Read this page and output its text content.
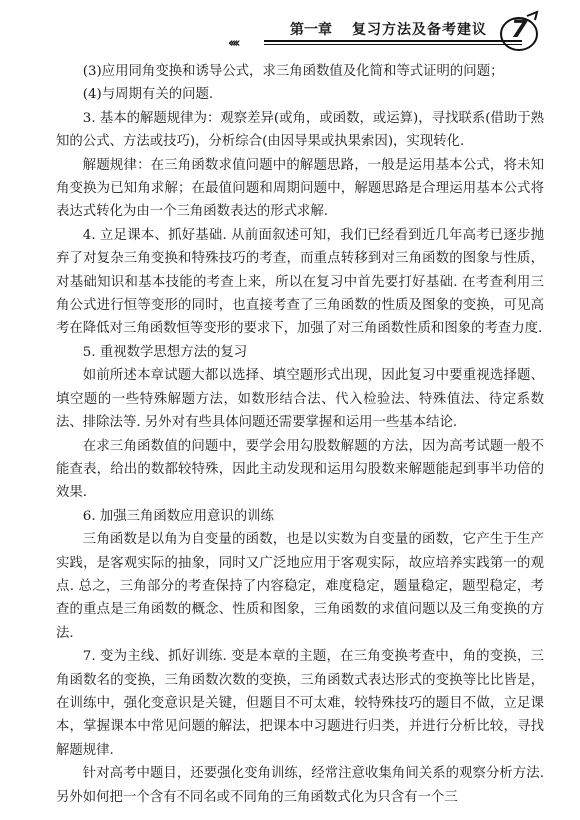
‹‹‹‹
第一章 复习方法及备考建议 7

(3)应用同角变换和诱导公式，求三角函数值及化简和等式证明的问题；

(4)与周期有关的问题.

3. 基本的解题规律为：观察差异(或角，或函数，或运算)，寻找联系(借助于熟知的公式、方法或技巧)，分析综合(由因导果或执果索因)，实现转化.

解题规律：在三角函数求值问题中的解题思路，一般是运用基本公式，将未知角变换为已知角求解；在最值问题和周期问题中，解题思路是合理运用基本公式将表达式转化为由一个三角函数表达的形式求解.

4. 立足课本、抓好基础. 从前面叙述可知，我们已经看到近几年高考已逐步抛弃了对复杂三角变换和特殊技巧的考查，而重点转移到对三角函数的图象与性质，对基础知识和基本技能的考查上来，所以在复习中首先要打好基础. 在考查利用三角公式进行恒等变形的同时，也直接考查了三角函数的性质及图象的变换，可见高考在降低对三角函数恒等变形的要求下，加强了对三角函数性质和图象的考查力度.

5. 重视数学思想方法的复习

如前所述本章试题大都以选择、填空题形式出现，因此复习中要重视选择题、填空题的一些特殊解题方法，如数形结合法、代入检验法、特殊值法、待定系数法、排除法等. 另外对有些具体问题还需要掌握和运用一些基本结论.

在求三角函数值的问题中，要学会用勾股数解题的方法，因为高考试题一般不能查表，给出的数都较特殊，因此主动发现和运用勾股数来解题能起到事半功倍的效果.

6. 加强三角函数应用意识的训练

三角函数是以角为自变量的函数，也是以实数为自变量的函数，它产生于生产实践，是客观实际的抽象，同时又广泛地应用于客观实际，故应培养实践第一的观点. 总之，三角部分的考查保持了内容稳定，难度稳定，题量稳定，题型稳定，考查的重点是三角函数的概念、性质和图象，三角函数的求值问题以及三角变换的方法.

7. 变为主线、抓好训练. 变是本章的主题，在三角变换考查中，角的变换，三角函数名的变换，三角函数次数的变换，三角函数式表达形式的变换等比比皆是，在训练中，强化变意识是关键，但题目不可太难，较特殊技巧的题目不做，立足课本，掌握课本中常见问题的解法，把课本中习题进行归类，并进行分析比较，寻找解题规律.

针对高考中题目，还要强化变角训练，经常注意收集角间关系的观察分析方法. 另外如何把一个含有不同名或不同角的三角函数式化为只含有一个三
